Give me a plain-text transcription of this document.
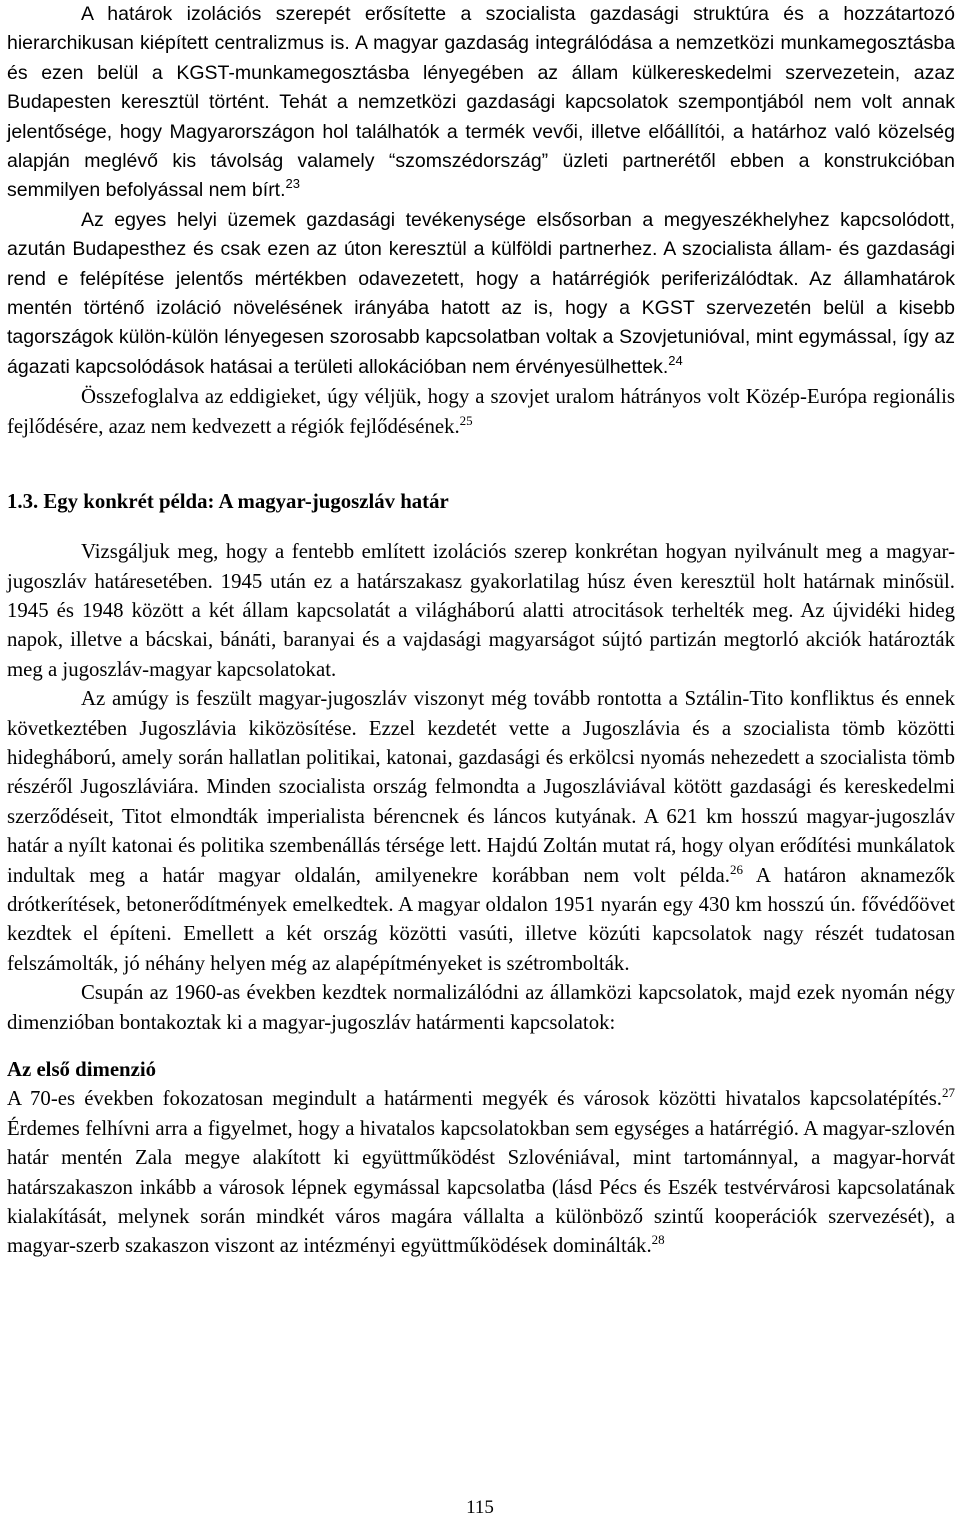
A határok izolációs szerepét erősítette a szocialista gazdasági struktúra és a hozzátartozó hierarchikusan kiépített centralizmus is. A magyar gazdaság integrálódása a nemzetközi munkamegosztásba és ezen belül a KGST-munkamegosztásba lényegében az állam külkereskedelmi szervezetein, azaz Budapesten keresztül történt. Tehát a nemzetközi gazdasági kapcsolatok szempontjából nem volt annak jelentősége, hogy Magyarországon hol találhatók a termék vevői, illetve előállítói, a határhoz való közelség alapján meglévő kis távolság valamely “szomszédország” üzleti partnerétől ebben a konstrukcióban semmilyen befolyással nem bírt.$^{23}$

Az egyes helyi üzemek gazdasági tevékenysége elsősorban a megyeszékhelyhez kapcsolódott, azután Budapesthez és csak ezen az úton keresztül a külföldi partnerhez. A szocialista állam- és gazdasági rend e felépítése jelentős mértékben odavezetett, hogy a határrégiók periferizálódtak. Az államhatárok mentén történő izoláció növelésének irányába hatott az is, hogy a KGST szervezetén belül a kisebb tagországok külön-külön lényegesen szorosabb kapcsolatban voltak a Szovjetunióval, mint egymással, így az ágazati kapcsolódások hatásai a területi allokációban nem érvényesülhettek.$^{24}$

Összefoglalva az eddigieket, úgy véljük, hogy a szovjet uralom hátrányos volt Közép-Európa regionális fejlődésére, azaz nem kedvezett a régiók fejlődésének.$^{25}$

1.3. Egy konkrét példa: A magyar-jugoszláv határ

Vizsgáljuk meg, hogy a fentebb említett izolációs szerep konkrétan hogyan nyilvánult meg a magyar-jugoszláv határesetében. 1945 után ez a határszakasz gyakorlatilag húsz éven keresztül holt határnak minősül. 1945 és 1948 között a két állam kapcsolatát a világháború alatti atrocitások terhelték meg. Az újvidéki hideg napok, illetve a bácskai, bánáti, baranyai és a vajdasági magyarságot sújtó partizán megtorló akciók határozták meg a jugoszláv-magyar kapcsolatokat.

Az amúgy is feszült magyar-jugoszláv viszonyt még tovább rontotta a Sztálin-Tito konfliktus és ennek következtében Jugoszlávia kiközösítése. Ezzel kezdetét vette a Jugoszlávia és a szocialista tömb közötti hidegháború, amely során hallatlan politikai, katonai, gazdasági és erkölcsi nyomás nehezedett a szocialista tömb részéről Jugoszláviára. Minden szocialista ország felmondta a Jugoszláviával kötött gazdasági és kereskedelmi szerződéseit, Titot elmondták imperialista bérencnek és láncos kutyának. A 621 km hosszú magyar-jugoszláv határ a nyílt katonai és politika szembenállás térsége lett. Hajdú Zoltán mutat rá, hogy olyan erődítési munkálatok indultak meg a határ magyar oldalán, amilyenekre korábban nem volt példa.$^{26}$ A határon aknamezők drótkerítések, betonerődítmények emelkedtek. A magyar oldalon 1951 nyarán egy 430 km hosszú ún. fővédőövet kezdtek el építeni. Emellett a két ország közötti vasúti, illetve közúti kapcsolatok nagy részét tudatosan felszámolták, jó néhány helyen még az alapépítményeket is szétrombolták.

Csupán az 1960-as években kezdtek normalizálódni az államközi kapcsolatok, majd ezek nyomán négy dimenzióban bontakoztak ki a magyar-jugoszláv határmenti kapcsolatok:

Az első dimenzió

A 70-es években fokozatosan megindult a határmenti megyék és városok közötti hivatalos kapcsolatépítés.$^{27}$ Érdemes felhívni arra a figyelmet, hogy a hivatalos kapcsolatokban sem egységes a határrégió. A magyar-szlovén határ mentén Zala megye alakított ki együttműködést Szlovéniával, mint tartománnyal, a magyar-horvát határszakaszon inkább a városok lépnek egymással kapcsolatba (lásd Pécs és Eszék testvérvárosi kapcsolatának kialakítását, melynek során mindkét város magára vállalta a különböző szintű kooperációk szervezését), a magyar-szerb szakaszon viszont az intézményi együttműködések dominálták.$^{28}$

115
